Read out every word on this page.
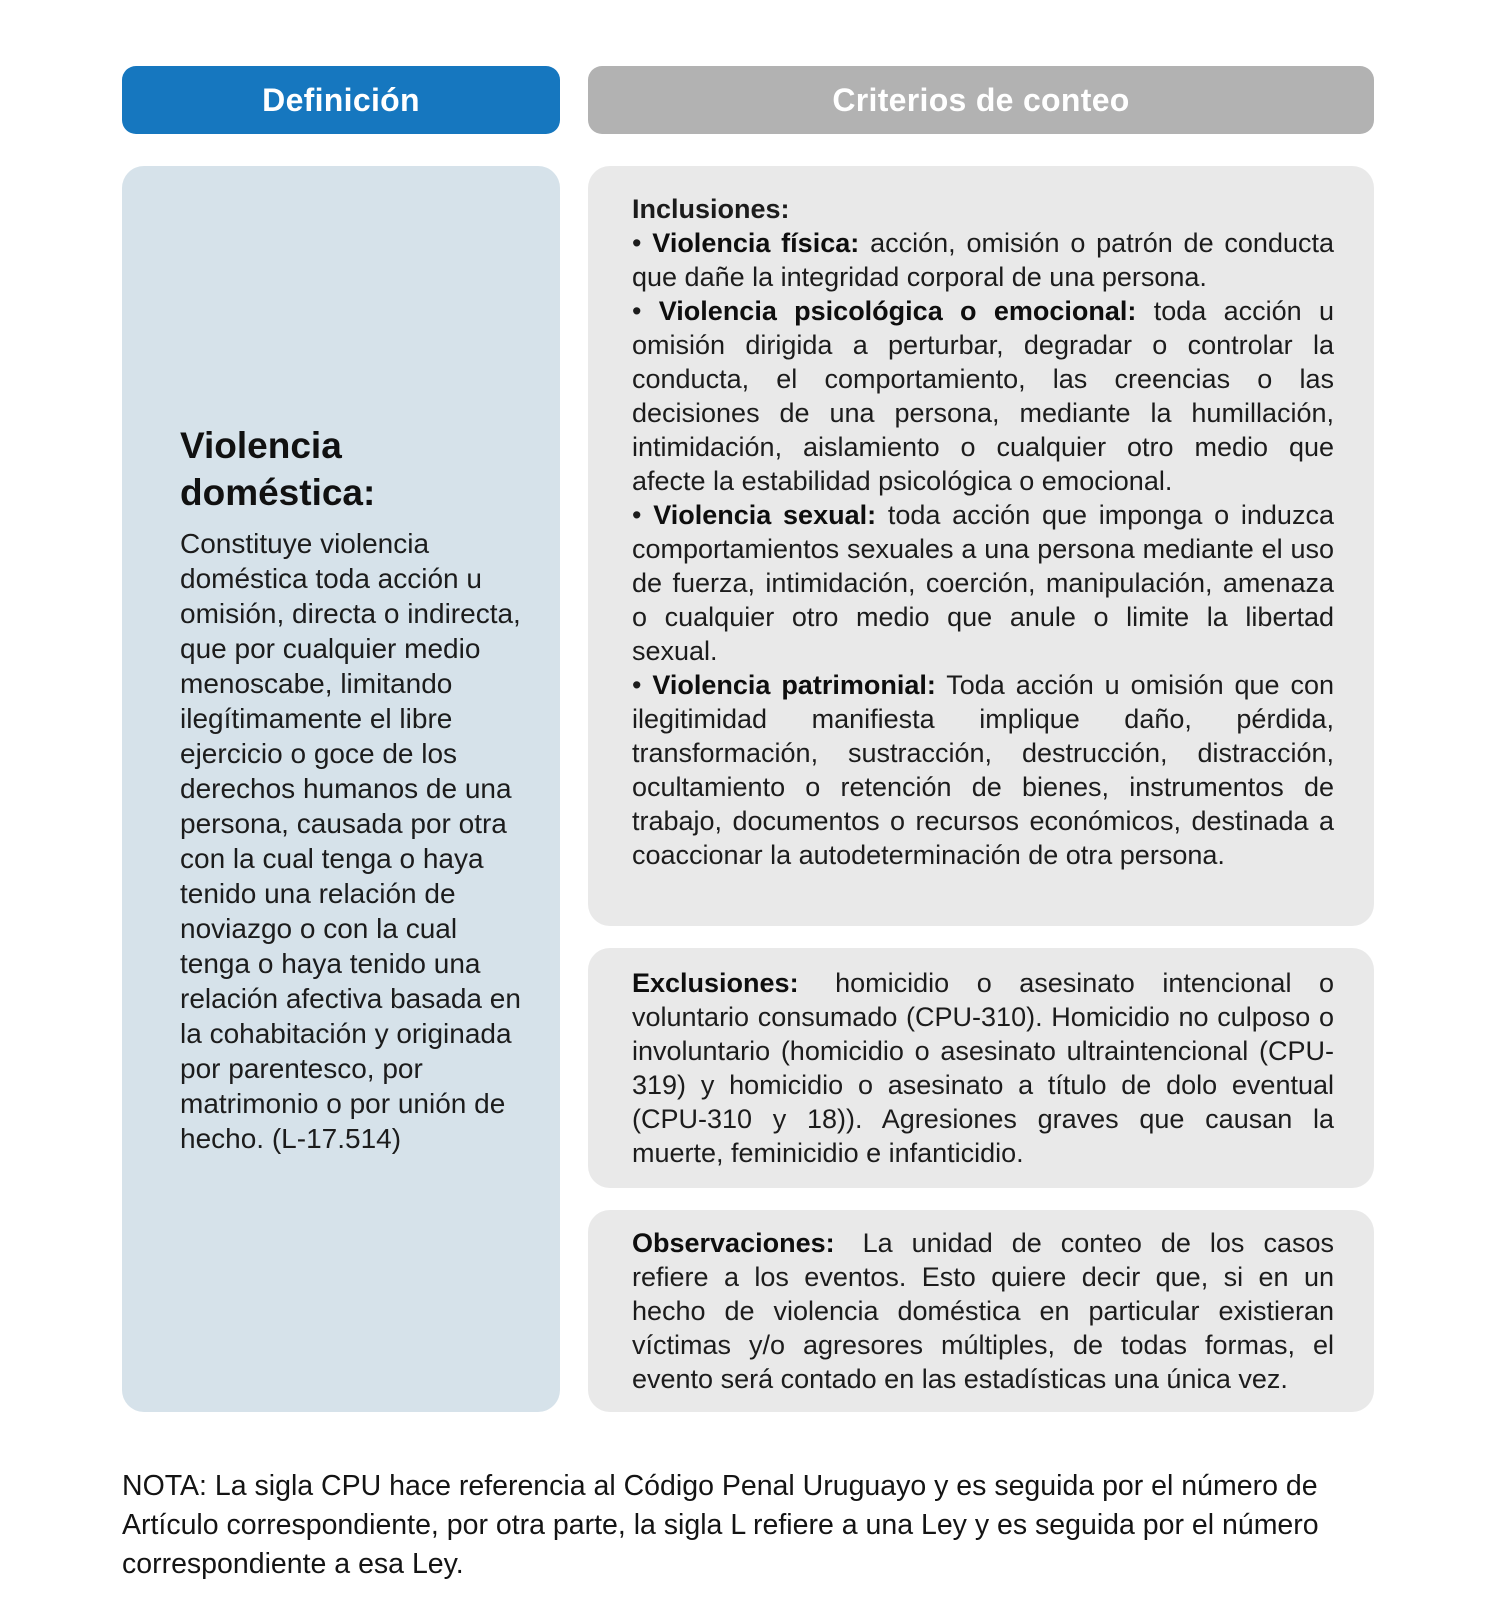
Definición	Criterios de conteo
Violencia doméstica:

Constituye violencia doméstica toda acción u omisión, directa o indirecta, que por cualquier medio menoscabe, limitando ilegítimamente el libre ejercicio o goce de los derechos humanos de una persona, causada por otra con la cual tenga o haya tenido una relación de noviazgo o con la cual tenga o haya tenido una relación afectiva basada en la cohabitación y originada por parentesco, por matrimonio o por unión de hecho. (L-17.514)

Inclusiones:

• Violencia física: acción, omisión o patrón de conducta que dañe la integridad corporal de una persona.

• Violencia psicológica o emocional: toda acción u omisión dirigida a perturbar, degradar o controlar la conducta, el comportamiento, las creencias o las decisiones de una persona, mediante la humillación, intimidación, aislamiento o cualquier otro medio que afecte la estabilidad psicológica o emocional.

• Violencia sexual: toda acción que imponga o induzca comportamientos sexuales a una persona mediante el uso de fuerza, intimidación, coerción, manipulación, amenaza o cualquier otro medio que anule o limite la libertad sexual.

• Violencia patrimonial: Toda acción u omisión que con ilegitimidad manifiesta implique daño, pérdida, transformación, sustracción, destrucción, distracción, ocultamiento o retención de bienes, instrumentos de trabajo, documentos o recursos económicos, destinada a coaccionar la autodeterminación de otra persona.

Exclusiones: homicidio o asesinato intencional o voluntario consumado (CPU-310). Homicidio no culposo o involuntario (homicidio o asesinato ultraintencional (CPU-319) y homicidio o asesinato a título de dolo eventual (CPU-310 y 18)). Agresiones graves que causan la muerte, feminicidio e infanticidio.

Observaciones: La unidad de conteo de los casos refiere a los eventos. Esto quiere decir que, si en un hecho de violencia doméstica en particular existieran víctimas y/o agresores múltiples, de todas formas, el evento será contado en las estadísticas una única vez.

NOTA: La sigla CPU hace referencia al Código Penal Uruguayo y es seguida por el número de Artículo correspondiente, por otra parte, la sigla L refiere a una Ley y es seguida por el número correspondiente a esa Ley.
